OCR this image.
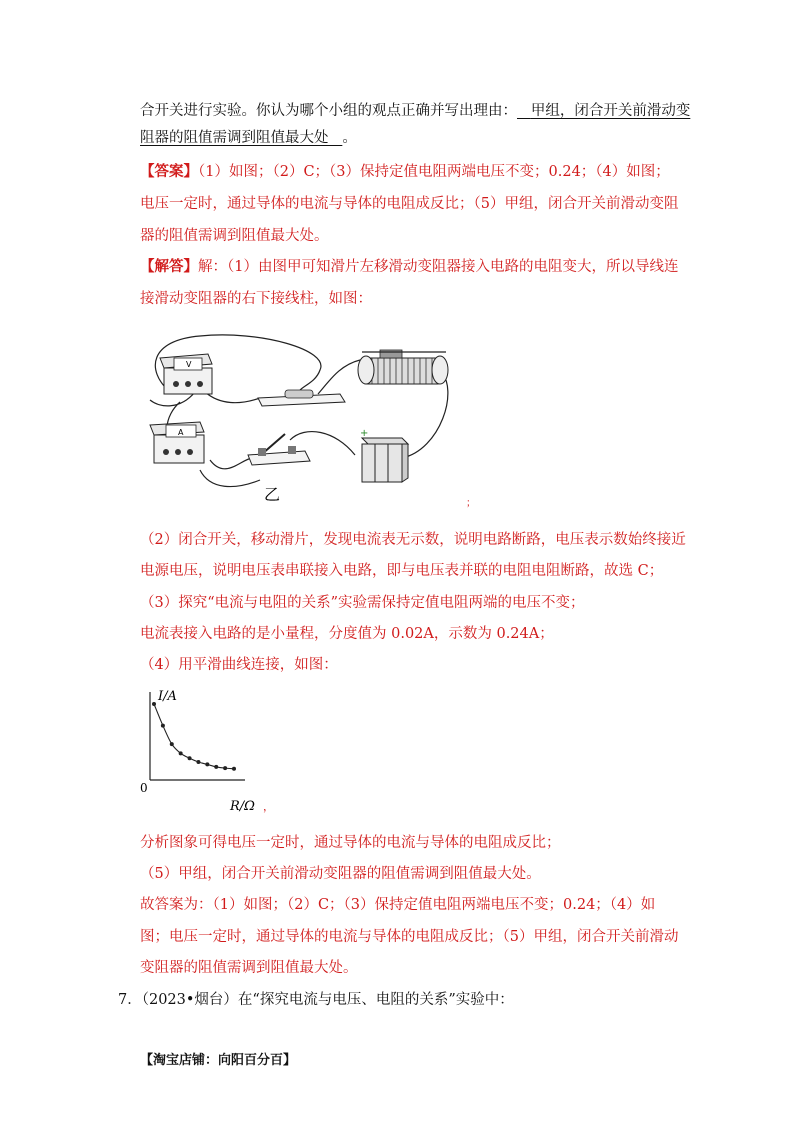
合开关进行实验。你认为哪个小组的观点正确并写出理由： 甲组，闭合开关前滑动变
阻器的阻值需调到阻值最大处 。
【答案】（1）如图；（2）C；（3）保持定值电阻两端电压不变；0.24；（4）如图；
电压一定时，通过导体的电流与导体的电阻成反比；（5）甲组，闭合开关前滑动变阻
器的阻值需调到阻值最大处。
【解答】解：（1）由图甲可知滑片左移滑动变阻器接入电路的电阻变大，所以导线连
接滑动变阻器的右下接线柱，如图：
V
A	+
乙	；
（2）闭合开关，移动滑片，发现电流表无示数，说明电路断路，电压表示数始终接近
电源电压，说明电压表串联接入电路，即与电压表并联的电阻电阻断路，故选 C；
（3）探究“电流与电阻的关系”实验需保持定值电阻两端的电压不变；
电流表接入电路的是小量程，分度值为 0.02A，示数为 0.24A；
（4）用平滑曲线连接，如图：
I/A
0
R/Ω ，
分析图象可得电压一定时，通过导体的电流与导体的电阻成反比；
（5）甲组，闭合开关前滑动变阻器的阻值需调到阻值最大处。
故答案为：（1）如图；（2）C；（3）保持定值电阻两端电压不变；0.24；（4）如
图；电压一定时，通过导体的电流与导体的电阻成反比；（5）甲组，闭合开关前滑动
变阻器的阻值需调到阻值最大处。
7．（2023•烟台）在“探究电流与电压、电阻的关系”实验中：
【淘宝店铺：向阳百分百】
